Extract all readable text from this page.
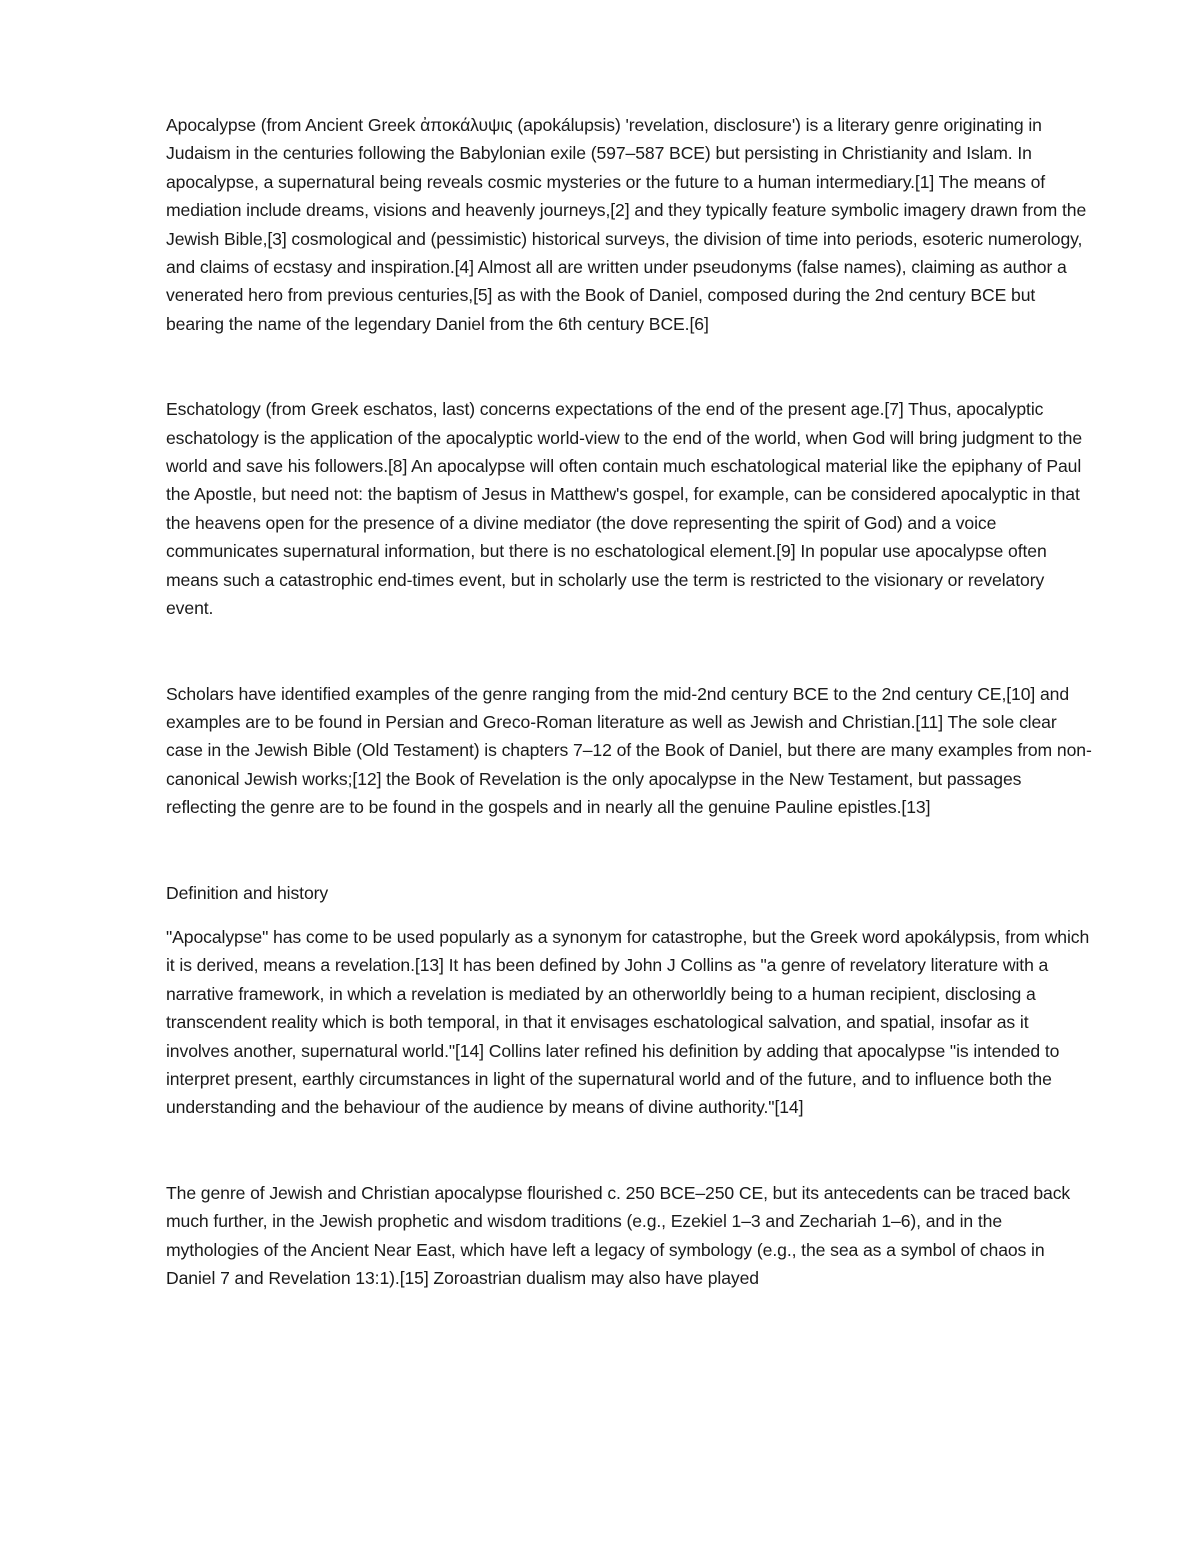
Apocalypse (from Ancient Greek ἀποκάλυψις (apokálupsis) 'revelation, disclosure') is a literary genre originating in Judaism in the centuries following the Babylonian exile (597–587 BCE) but persisting in Christianity and Islam. In apocalypse, a supernatural being reveals cosmic mysteries or the future to a human intermediary.[1] The means of mediation include dreams, visions and heavenly journeys,[2] and they typically feature symbolic imagery drawn from the Jewish Bible,[3] cosmological and (pessimistic) historical surveys, the division of time into periods, esoteric numerology, and claims of ecstasy and inspiration.[4] Almost all are written under pseudonyms (false names), claiming as author a venerated hero from previous centuries,[5] as with the Book of Daniel, composed during the 2nd century BCE but bearing the name of the legendary Daniel from the 6th century BCE.[6]

Eschatology (from Greek eschatos, last) concerns expectations of the end of the present age.[7] Thus, apocalyptic eschatology is the application of the apocalyptic world-view to the end of the world, when God will bring judgment to the world and save his followers.[8] An apocalypse will often contain much eschatological material like the epiphany of Paul the Apostle, but need not: the baptism of Jesus in Matthew's gospel, for example, can be considered apocalyptic in that the heavens open for the presence of a divine mediator (the dove representing the spirit of God) and a voice communicates supernatural information, but there is no eschatological element.[9] In popular use apocalypse often means such a catastrophic end-times event, but in scholarly use the term is restricted to the visionary or revelatory event.

Scholars have identified examples of the genre ranging from the mid-2nd century BCE to the 2nd century CE,[10] and examples are to be found in Persian and Greco-Roman literature as well as Jewish and Christian.[11] The sole clear case in the Jewish Bible (Old Testament) is chapters 7–12 of the Book of Daniel, but there are many examples from non-canonical Jewish works;[12] the Book of Revelation is the only apocalypse in the New Testament, but passages reflecting the genre are to be found in the gospels and in nearly all the genuine Pauline epistles.[13]

Definition and history

"Apocalypse" has come to be used popularly as a synonym for catastrophe, but the Greek word apokálypsis, from which it is derived, means a revelation.[13] It has been defined by John J Collins as "a genre of revelatory literature with a narrative framework, in which a revelation is mediated by an otherworldly being to a human recipient, disclosing a transcendent reality which is both temporal, in that it envisages eschatological salvation, and spatial, insofar as it involves another, supernatural world."[14] Collins later refined his definition by adding that apocalypse "is intended to interpret present, earthly circumstances in light of the supernatural world and of the future, and to influence both the understanding and the behaviour of the audience by means of divine authority."[14]

The genre of Jewish and Christian apocalypse flourished c. 250 BCE–250 CE, but its antecedents can be traced back much further, in the Jewish prophetic and wisdom traditions (e.g., Ezekiel 1–3 and Zechariah 1–6), and in the mythologies of the Ancient Near East, which have left a legacy of symbology (e.g., the sea as a symbol of chaos in Daniel 7 and Revelation 13:1).[15] Zoroastrian dualism may also have played
